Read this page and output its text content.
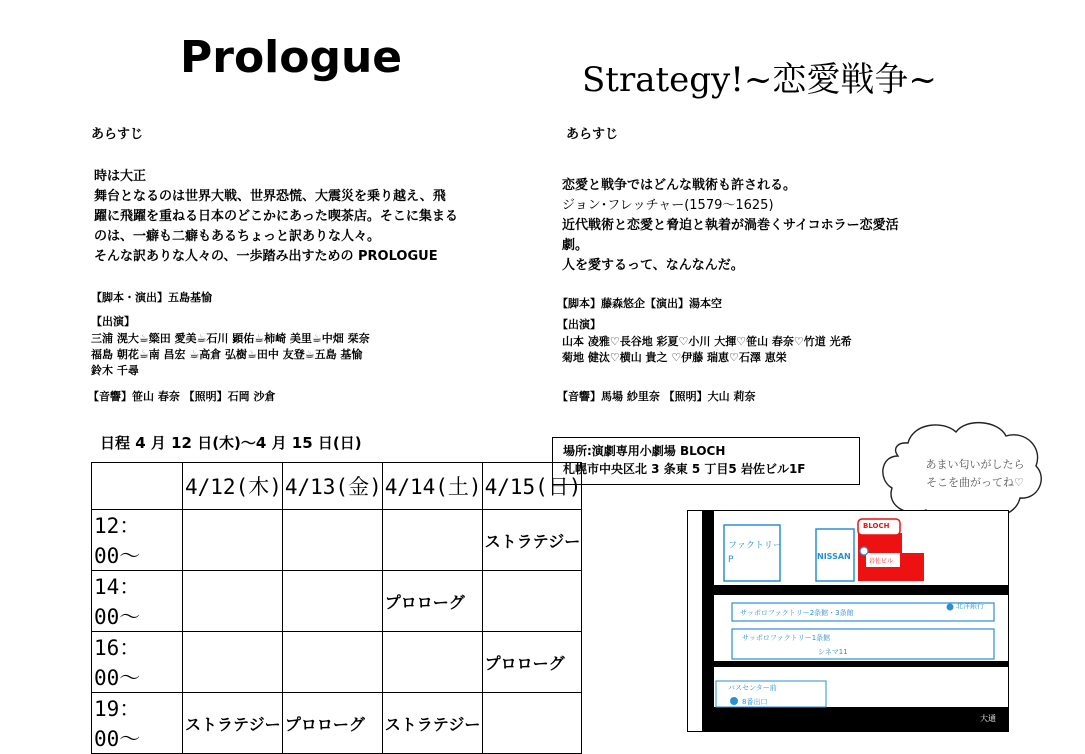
Prologue
あらすじ
時は大正
舞台となるのは世界大戦、世界恐慌、大震災を乗り越え、飛
躍に飛躍を重ねる日本のどこかにあった喫茶店。そこに集まる
のは、一癖も二癖もあるちょっと訳ありな人々。
そんな訳ありな人々の、一歩踏み出すための PROLOGUE
【脚本・演出】五島基愉
【出演】
三浦 滉大☕簗田 愛美☕石川 顕佑☕柿崎 美里☕中畑 栞奈
福島 朝花☕南 昌宏 ☕高倉 弘樹☕田中 友登☕五島 基愉
鈴木 千尋
【音響】笹山 春奈 【照明】石岡 沙倉
日程 4 月 12 日(木)〜4 月 15 日(日)
	4/12(木)	4/13(金)	4/14(土)	4/15(日)
12：00〜				ストラテジー
14：00〜			プロローグ	
16：00〜				プロローグ
19：00〜	ストラテジー	プロローグ	ストラテジー	
Strategy!~恋愛戦争~
あらすじ
恋愛と戦争ではどんな戦術も許される。
ジョン･フレッチャー(1579〜1625)
近代戦術と恋愛と脅迫と執着が渦巻くサイコホラー恋愛活
劇。
人を愛するって、なんなんだ。
【脚本】藤森悠企【演出】湯本空
【出演】
山本 凌雅♡長谷地 彩夏♡小川 大揮♡笹山 春奈♡竹道 光希
菊地 健汰♡横山 貴之 ♡伊藤 瑞恵♡石澤 恵栄
【音響】馬場 紗里奈 【照明】大山 莉奈
場所:演劇専用小劇場 BLOCH
札幌市中央区北 3 条東 5 丁目5 岩佐ビル1F	あまい匂いがしたら
そこを曲がってね♡
ファクトリー
P	NISSAN
BLOCH
岩佐ビル
北洋銀行
サッポロファクトリー2条館・3条館
サッポロファクトリー1条館
シネマ11
バスセンター前
8番出口
大通
